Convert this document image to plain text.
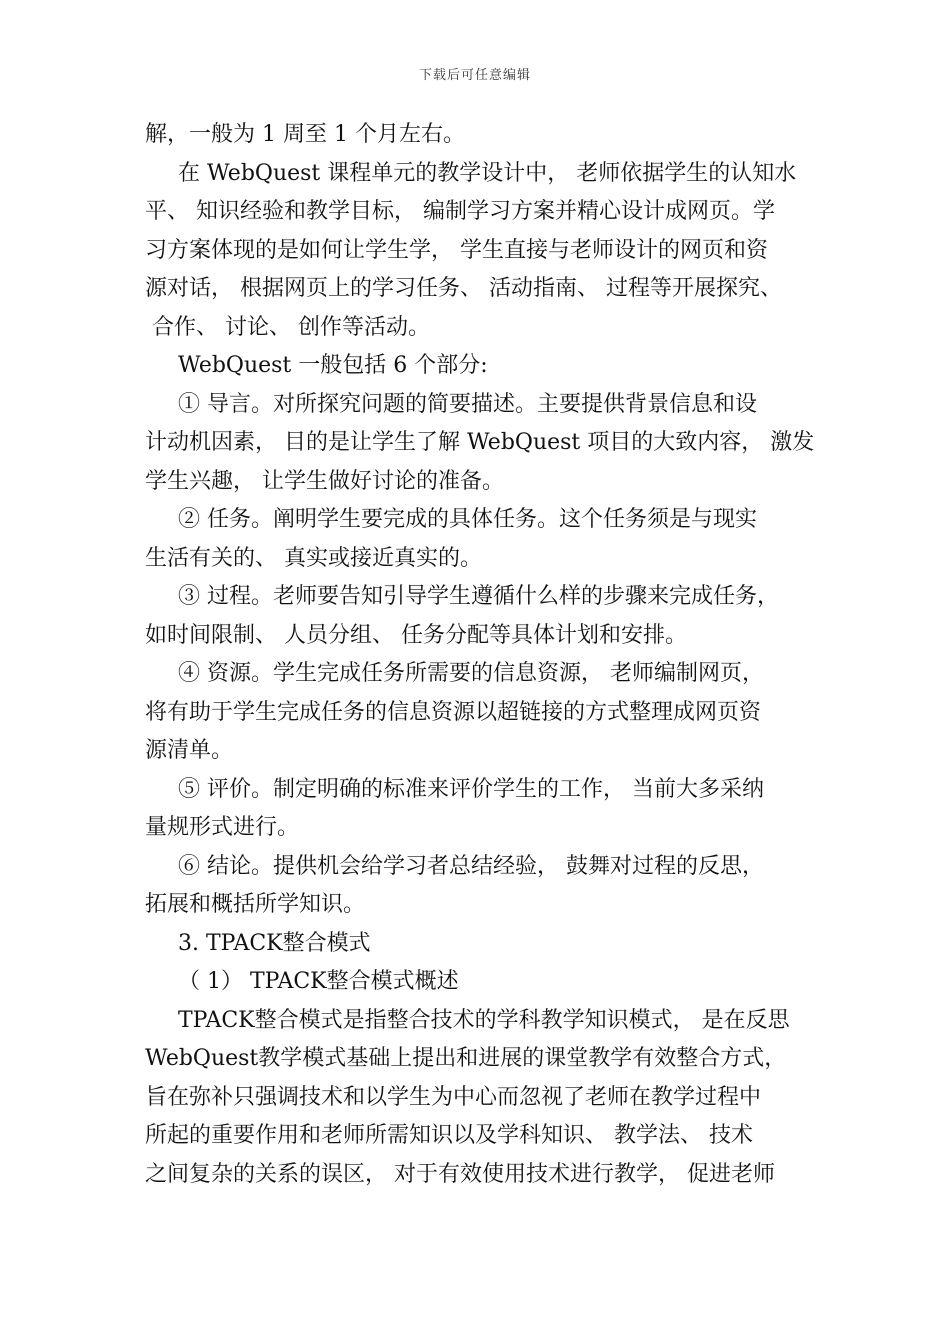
下载后可任意编辑

解，一般为 1 周至 1 个月左右。

在 WebQuest 课程单元的教学设计中， 老师依据学生的认知水
平、 知识经验和教学目标， 编制学习方案并精心设计成网页。学
习方案体现的是如何让学生学， 学生直接与老师设计的网页和资
源对话， 根据网页上的学习任务、 活动指南、 过程等开展探究、
合作、 讨论、 创作等活动。

WebQuest 一般包括 6 个部分:

① 导言。对所探究问题的简要描述。主要提供背景信息和设
计动机因素， 目的是让学生了解 WebQuest 项目的大致内容， 激发
学生兴趣， 让学生做好讨论的准备。

② 任务。阐明学生要完成的具体任务。这个任务须是与现实
生活有关的、 真实或接近真实的。

③ 过程。老师要告知引导学生遵循什么样的步骤来完成任务，
如时间限制、 人员分组、 任务分配等具体计划和安排。

④ 资源。学生完成任务所需要的信息资源， 老师编制网页，
将有助于学生完成任务的信息资源以超链接的方式整理成网页资
源清单。

⑤ 评价。制定明确的标准来评价学生的工作， 当前大多采纳
量规形式进行。

⑥ 结论。提供机会给学习者总结经验， 鼓舞对过程的反思，
拓展和概括所学知识。

3. TPACK整合模式

（ 1） TPACK整合模式概述

TPACK整合模式是指整合技术的学科教学知识模式， 是在反思
WebQuest教学模式基础上提出和进展的课堂教学有效整合方式，
旨在弥补只强调技术和以学生为中心而忽视了老师在教学过程中
所起的重要作用和老师所需知识以及学科知识、 教学法、 技术
之间复杂的关系的误区， 对于有效使用技术进行教学， 促进老师
